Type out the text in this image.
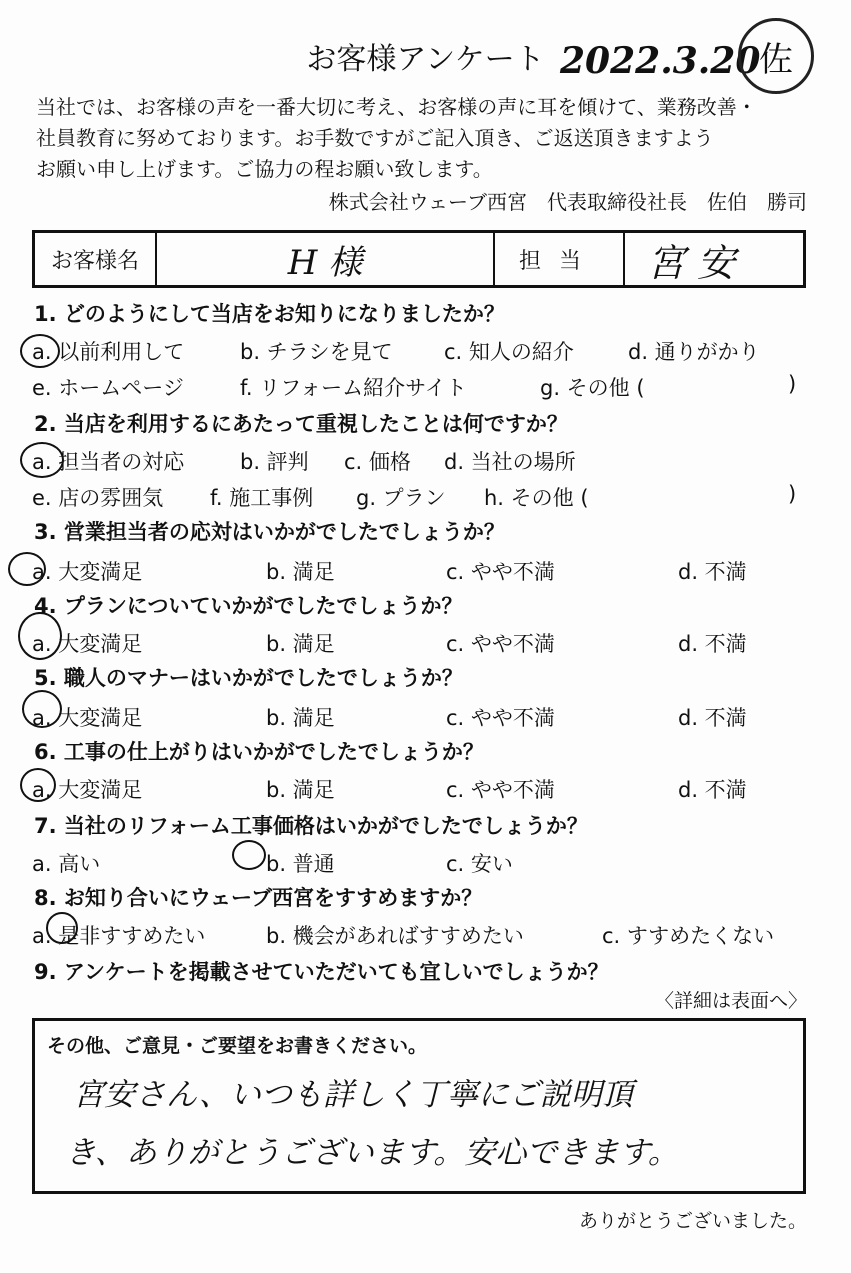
お客様アンケート 2022.3.20
佐
当社では、お客様の声を一番大切に考え、お客様の声に耳を傾けて、業務改善・
社員教育に努めております。お手数ですがご記入頂き、ご返送頂きますよう
お願い申し上げます。ご協力の程お願い致します。
株式会社ウェーブ西宮　代表取締役社長　佐伯　勝司
お客様名	H 様	担当	宮安
1. どのようにして当店をお知りになりましたか？
a. 以前利用して	b. チラシを見て c. 知人の紹介	d. 通りがかり
e. ホームページ	f. リフォーム紹介サイト	g. その他 (	)
2. 当店を利用するにあたって重視したことは何ですか？
a. 担当者の対応	b. 評判 c. 価格 d. 当社の場所
e. 店の雰囲気 f. 施工事例 g. プラン h. その他 (	)
3. 営業担当者の応対はいかがでしたでしょうか？
a. 大変満足	b. 満足	c. やや不満	d. 不満
4. プランについていかがでしたでしょうか？
a. 大変満足	b. 満足	c. やや不満	d. 不満
5. 職人のマナーはいかがでしたでしょうか？
a. 大変満足	b. 満足	c. やや不満	d. 不満
6. 工事の仕上がりはいかがでしたでしょうか？
a. 大変満足	b. 満足	c. やや不満	d. 不満
7. 当社のリフォーム工事価格はいかがでしたでしょうか？
a. 高い	b. 普通	c. 安い
8. お知り合いにウェーブ西宮をすすめますか？
a. 是非すすめたい	b. 機会があればすすめたい	c. すすめたくない
9. アンケートを掲載させていただいても宜しいでしょうか？
〈詳細は表面へ〉
その他、ご意見・ご要望をお書きください。
宮安さん、いつも詳しく丁寧にご説明頂
き、ありがとうございます。安心できます。
ありがとうございました。
